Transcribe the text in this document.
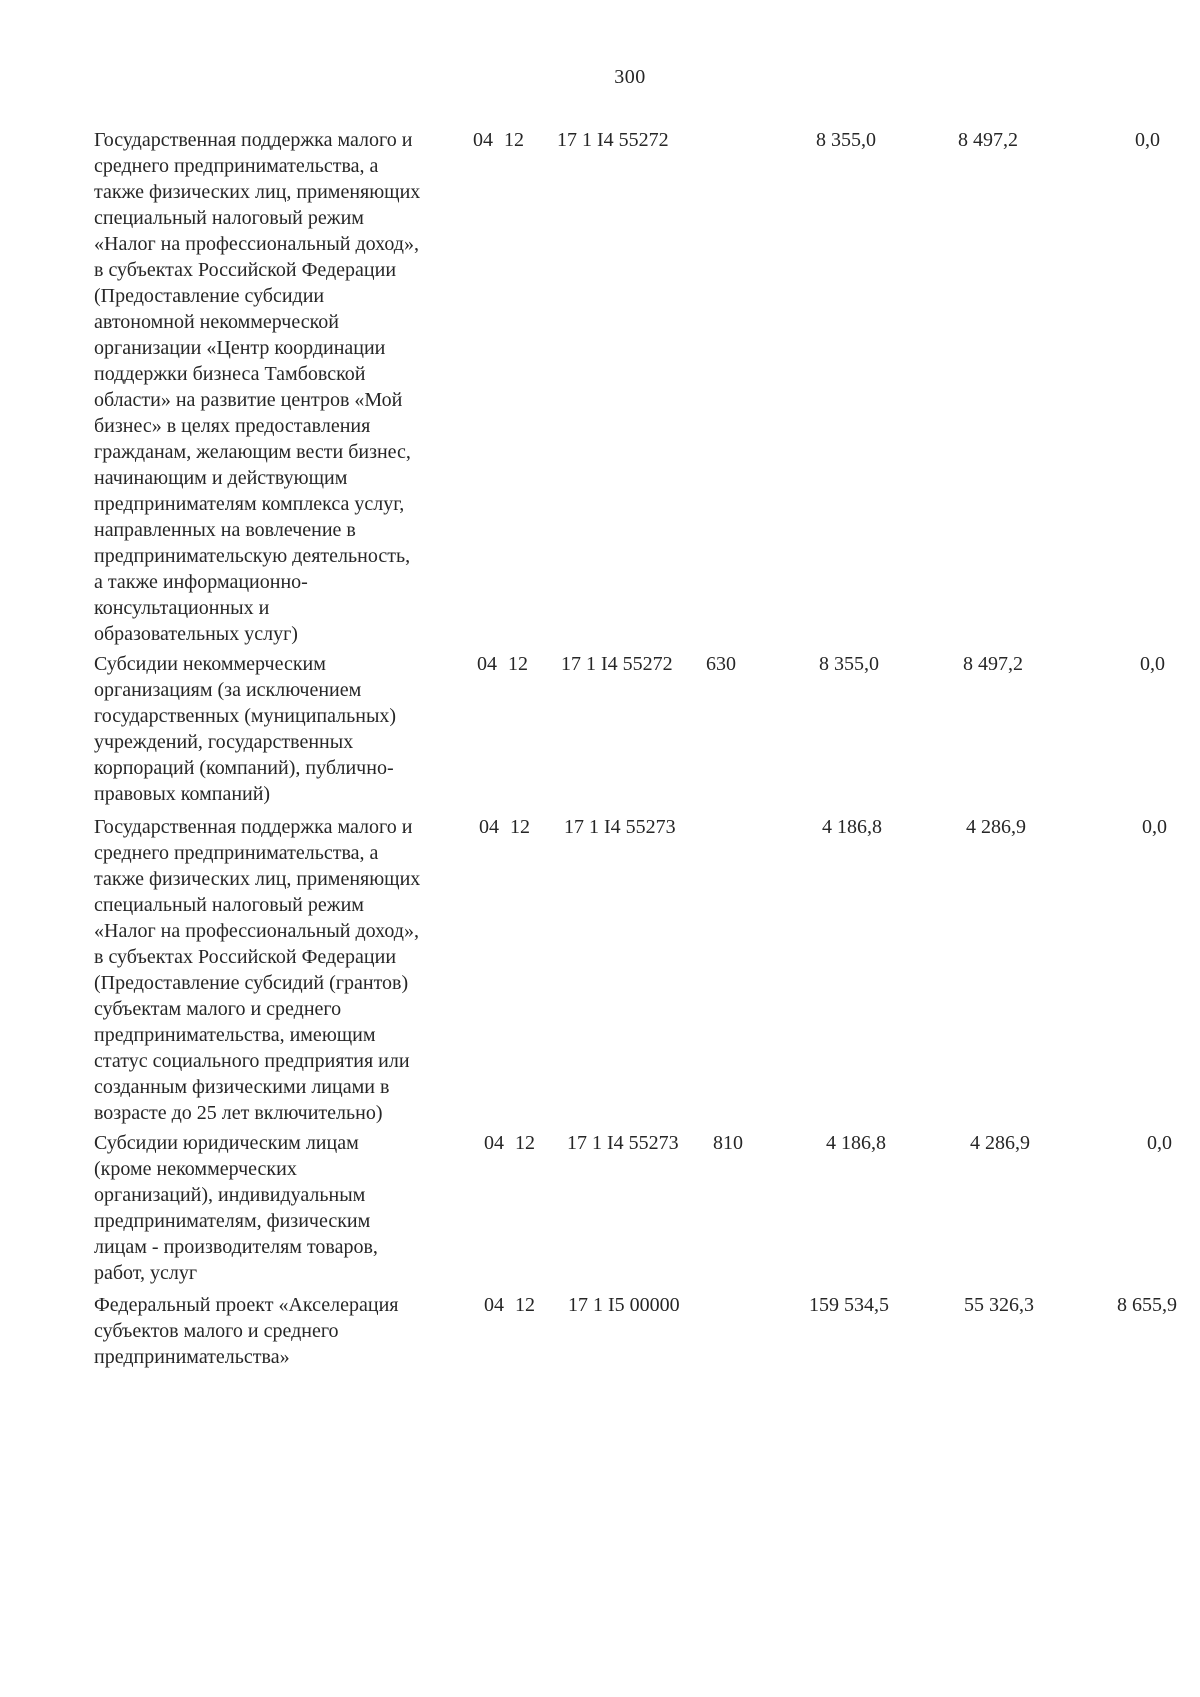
300
Государственная поддержка малого и
среднего предпринимательства, а
также физических лиц, применяющих
специальный налоговый режим
«Налог на профессиональный доход»,
в субъектах Российской Федерации
(Предоставление субсидии
автономной некоммерческой
организации «Центр координации
поддержки бизнеса Тамбовской
области» на развитие центров «Мой
бизнес» в целях предоставления
гражданам, желающим вести бизнес,
начинающим и действующим
предпринимателям комплекса услуг,
направленных на вовлечение в
предпринимательскую деятельность,
а также информационно-
консультационных и
образовательных услуг)
04 12 17 1 I4 55272	8 355,0	8 497,2	0,0
Субсидии некоммерческим
организациям (за исключением
государственных (муниципальных)
учреждений, государственных
корпораций (компаний), публично-
правовых компаний)
04 12 17 1 I4 55272 630	8 355,0	8 497,2	0,0
Государственная поддержка малого и
среднего предпринимательства, а
также физических лиц, применяющих
специальный налоговый режим
«Налог на профессиональный доход»,
в субъектах Российской Федерации
(Предоставление субсидий (грантов)
субъектам малого и среднего
предпринимательства, имеющим
статус социального предприятия или
созданным физическими лицами в
возрасте до 25 лет включительно)
04 12 17 1 I4 55273	4 186,8	4 286,9	0,0
Субсидии юридическим лицам
(кроме некоммерческих
организаций), индивидуальным
предпринимателям, физическим
лицам - производителям товаров,
работ, услуг
04 12 17 1 I4 55273 810	4 186,8	4 286,9	0,0
Федеральный проект «Акселерация
субъектов малого и среднего
предпринимательства»
04 12 17 1 I5 00000	159 534,5	55 326,3	8 655,9
